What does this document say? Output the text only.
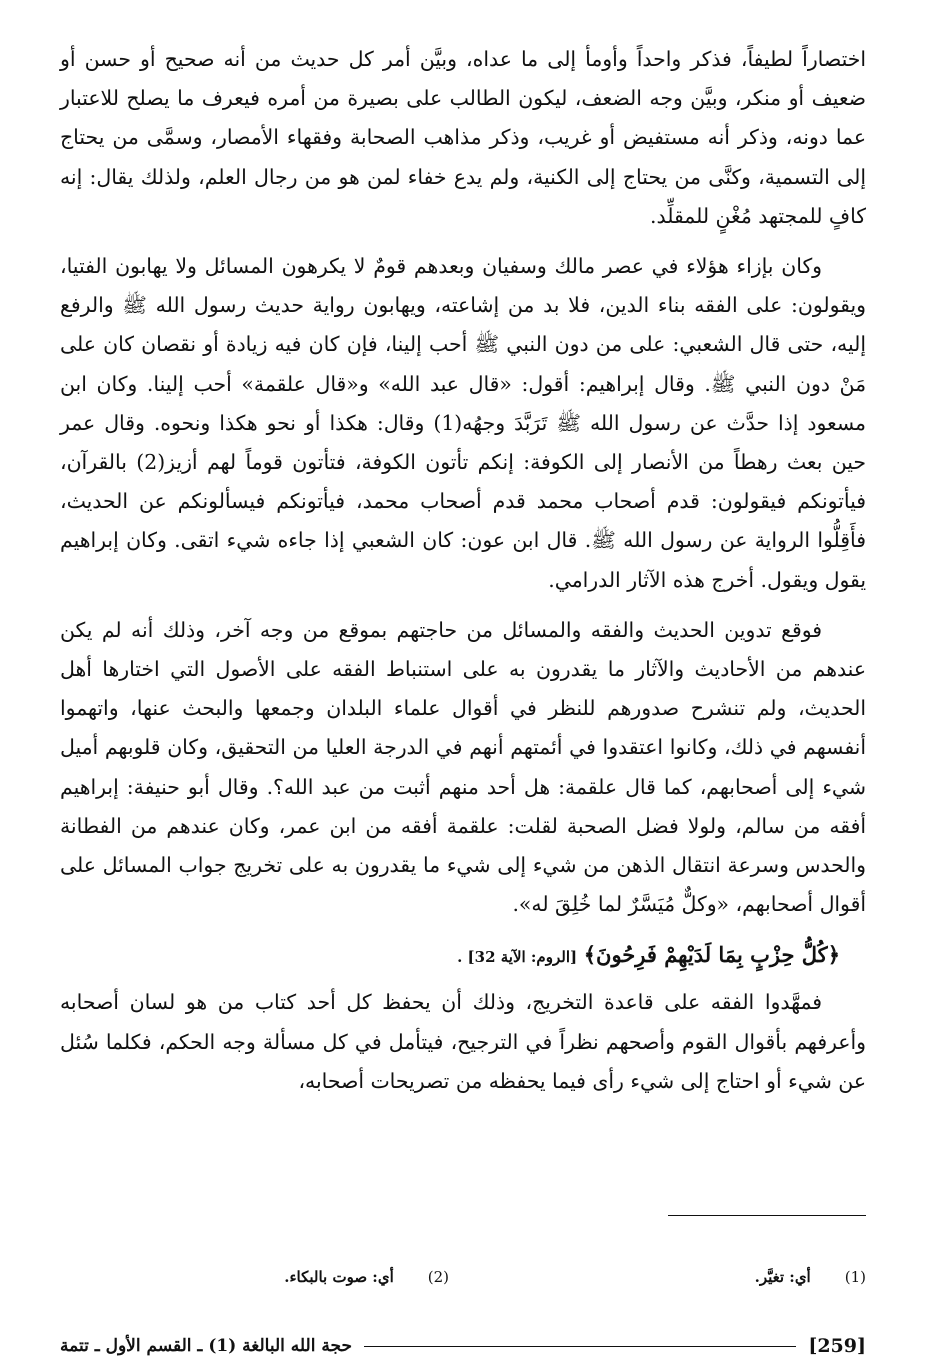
اختصاراً لطيفاً، فذكر واحداً وأومأ إلى ما عداه، وبيَّن أمر كل حديث من أنه صحيح أو حسن أو ضعيف أو منكر، وبيَّن وجه الضعف، ليكون الطالب على بصيرة من أمره فيعرف ما يصلح للاعتبار عما دونه، وذكر أنه مستفيض أو غريب، وذكر مذاهب الصحابة وفقهاء الأمصار، وسمَّى من يحتاج إلى التسمية، وكنَّى من يحتاج إلى الكنية، ولم يدع خفاء لمن هو من رجال العلم، ولذلك يقال: إنه كافٍ للمجتهد مُغْنٍ للمقلِّد.

وكان بإزاء هؤلاء في عصر مالك وسفيان وبعدهم قومٌ لا يكرهون المسائل ولا يهابون الفتيا، ويقولون: على الفقه بناء الدين، فلا بد من إشاعته، ويهابون رواية حديث رسول الله ﷺ والرفع إليه، حتى قال الشعبي: على من دون النبي ﷺ أحب إلينا، فإن كان فيه زيادة أو نقصان كان على مَنْ دون النبي ﷺ. وقال إبراهيم: أقول: «قال عبد الله» و«قال علقمة» أحب إلينا. وكان ابن مسعود إذا حدَّث عن رسول الله ﷺ تَرَبَّدَ وجهُه(1) وقال: هكذا أو نحو هكذا ونحوه. وقال عمر حين بعث رهطاً من الأنصار إلى الكوفة: إنكم تأتون الكوفة، فتأتون قوماً لهم أزيز(2) بالقرآن، فيأتونكم فيقولون: قدم أصحاب محمد قدم أصحاب محمد، فيأتونكم فيسألونكم عن الحديث، فأَقِلُّوا الرواية عن رسول الله ﷺ. قال ابن عون: كان الشعبي إذا جاءه شيء اتقى. وكان إبراهيم يقول ويقول. أخرج هذه الآثار الدرامي.

فوقع تدوين الحديث والفقه والمسائل من حاجتهم بموقع من وجه آخر، وذلك أنه لم يكن عندهم من الأحاديث والآثار ما يقدرون به على استنباط الفقه على الأصول التي اختارها أهل الحديث، ولم تنشرح صدورهم للنظر في أقوال علماء البلدان وجمعها والبحث عنها، واتهموا أنفسهم في ذلك، وكانوا اعتقدوا في أئمتهم أنهم في الدرجة العليا من التحقيق، وكان قلوبهم أميل شيء إلى أصحابهم، كما قال علقمة: هل أحد منهم أثبت من عبد الله؟. وقال أبو حنيفة: إبراهيم أفقه من سالم، ولولا فضل الصحبة لقلت: علقمة أفقه من ابن عمر، وكان عندهم من الفطانة والحدس وسرعة انتقال الذهن من شيء إلى شيء ما يقدرون به على تخريج جواب المسائل على أقوال أصحابهم، «وكلٌّ مُيَسَّرٌ لما خُلِقَ له».

﴿كُلُّ حِزْبٍ بِمَا لَدَيْهِمْ فَرِحُونَ﴾ [الروم: الآية 32] .

فمهَّدوا الفقه على قاعدة التخريج، وذلك أن يحفظ كل أحد كتاب من هو لسان أصحابه وأعرفهم بأقوال القوم وأصحهم نظراً في الترجيح، فيتأمل في كل مسألة وجه الحكم، فكلما سُئل عن شيء أو احتاج إلى شيء رأى فيما يحفظه من تصريحات أصحابه،

(1)أي: تغيَّر.
(2)أي: صوت بالبكاء.
[259]
حجة الله البالغة (1) ـ القسم الأول ـ تتمة
